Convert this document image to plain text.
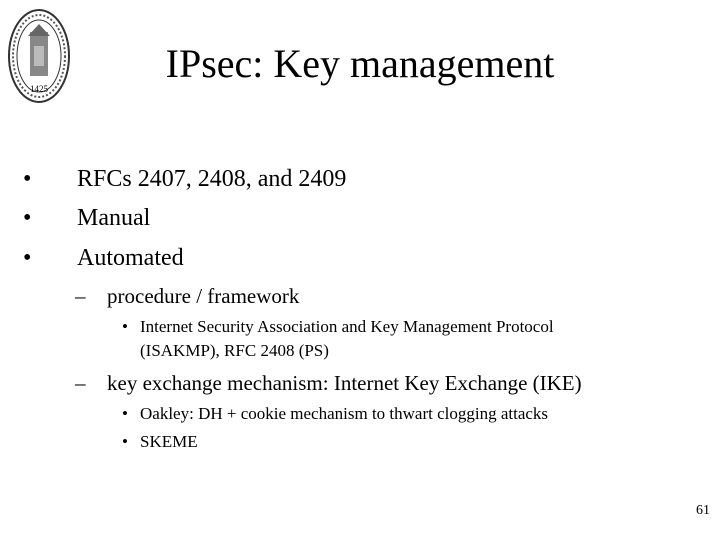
1425
IPsec: Key management
• RFCs 2407, 2408, and 2409
• Manual
• Automated
– procedure / framework
• Internet Security Association and Key Management Protocol
(ISAKMP), RFC 2408 (PS)
– key exchange mechanism: Internet Key Exchange (IKE)
• Oakley: DH + cookie mechanism to thwart clogging attacks
• SKEME
61
